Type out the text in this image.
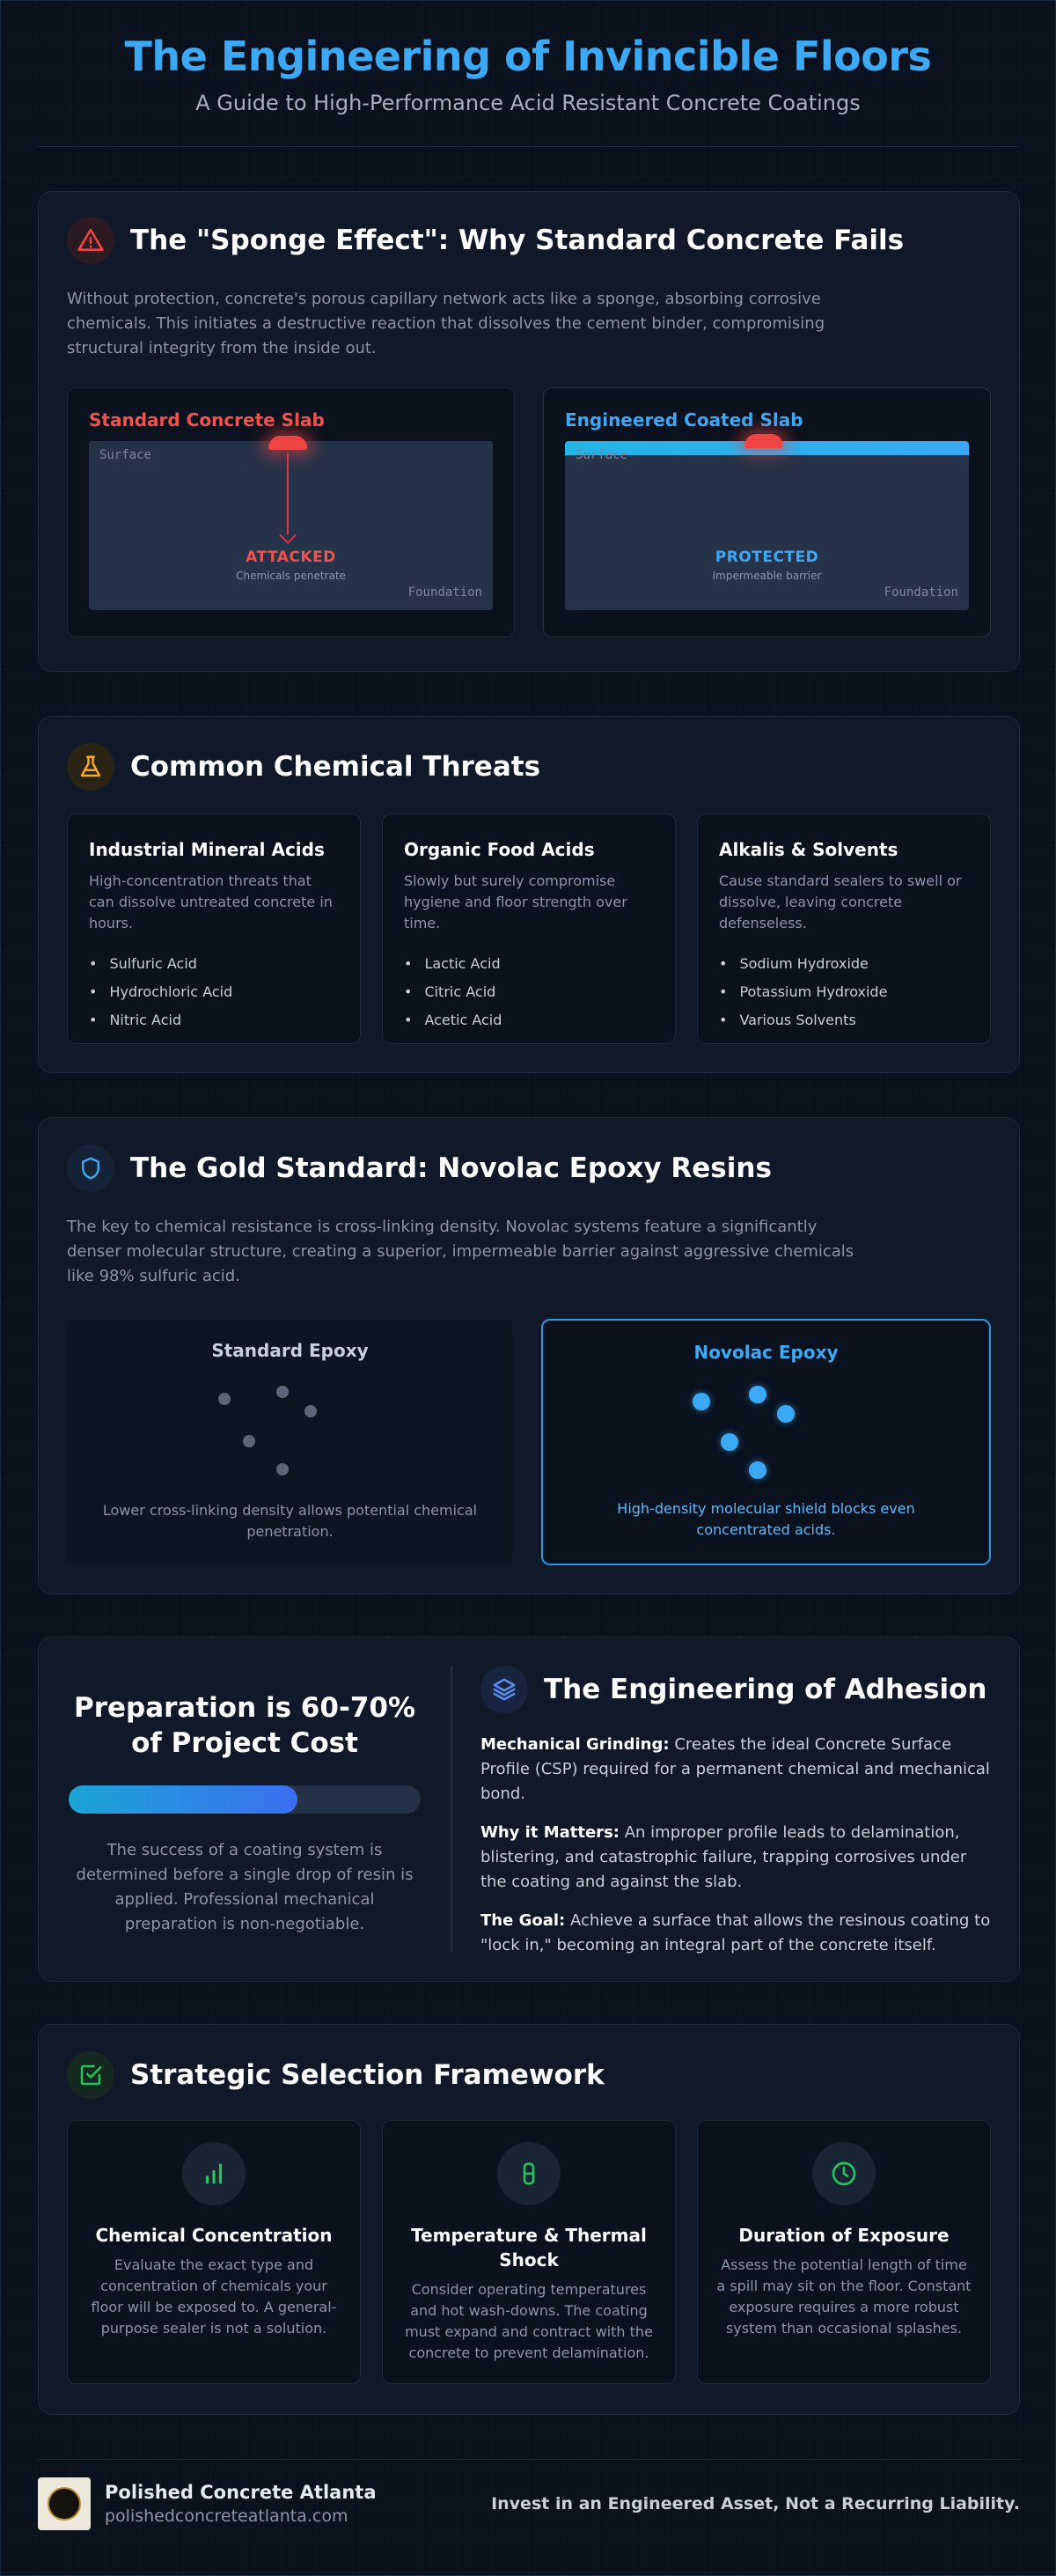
The Engineering of Invincible Floors

A Guide to High-Performance Acid Resistant Concrete Coatings

The "Sponge Effect": Why Standard Concrete Fails

Without protection, concrete's porous capillary network acts like a sponge, absorbing corrosive chemicals. This initiates a destructive reaction that dissolves the cement binder, compromising structural integrity from the inside out.

Standard Concrete Slab
Surface
ATTACKED
Chemicals penetrate
Foundation
Engineered Coated Slab
Surface
PROTECTED
Impermeable barrier
Foundation
Common Chemical Threats
Industrial Mineral Acids

High-concentration threats that can dissolve untreated concrete in hours.

• Sulfuric Acid
• Hydrochloric Acid
• Nitric Acid
Organic Food Acids

Slowly but surely compromise hygiene and floor strength over time.

• Lactic Acid
• Citric Acid
• Acetic Acid
Alkalis & Solvents

Cause standard sealers to swell or dissolve, leaving concrete defenseless.

• Sodium Hydroxide
• Potassium Hydroxide
• Various Solvents
The Gold Standard: Novolac Epoxy Resins

The key to chemical resistance is cross-linking density. Novolac systems feature a significantly denser molecular structure, creating a superior, impermeable barrier against aggressive chemicals like 98% sulfuric acid.

Standard Epoxy

Lower cross-linking density allows potential chemical penetration.

Novolac Epoxy

High-density molecular shield blocks even concentrated acids.

Preparation is 60-70% of Project Cost

The success of a coating system is determined before a single drop of resin is applied. Professional mechanical preparation is non-negotiable.

The Engineering of Adhesion

Mechanical Grinding: Creates the ideal Concrete Surface Profile (CSP) required for a permanent chemical and mechanical bond.

Why it Matters: An improper profile leads to delamination, blistering, and catastrophic failure, trapping corrosives under the coating and against the slab.

The Goal: Achieve a surface that allows the resinous coating to "lock in," becoming an integral part of the concrete itself.

Strategic Selection Framework
Chemical Concentration

Evaluate the exact type and concentration of chemicals your floor will be exposed to. A general-purpose sealer is not a solution.

Temperature & Thermal Shock

Consider operating temperatures and hot wash-downs. The coating must expand and contract with the concrete to prevent delamination.

Duration of Exposure

Assess the potential length of time a spill may sit on the floor. Constant exposure requires a more robust system than occasional splashes.

Polished Concrete Atlanta
polishedconcreteatlanta.com
Invest in an Engineered Asset, Not a Recurring Liability.
